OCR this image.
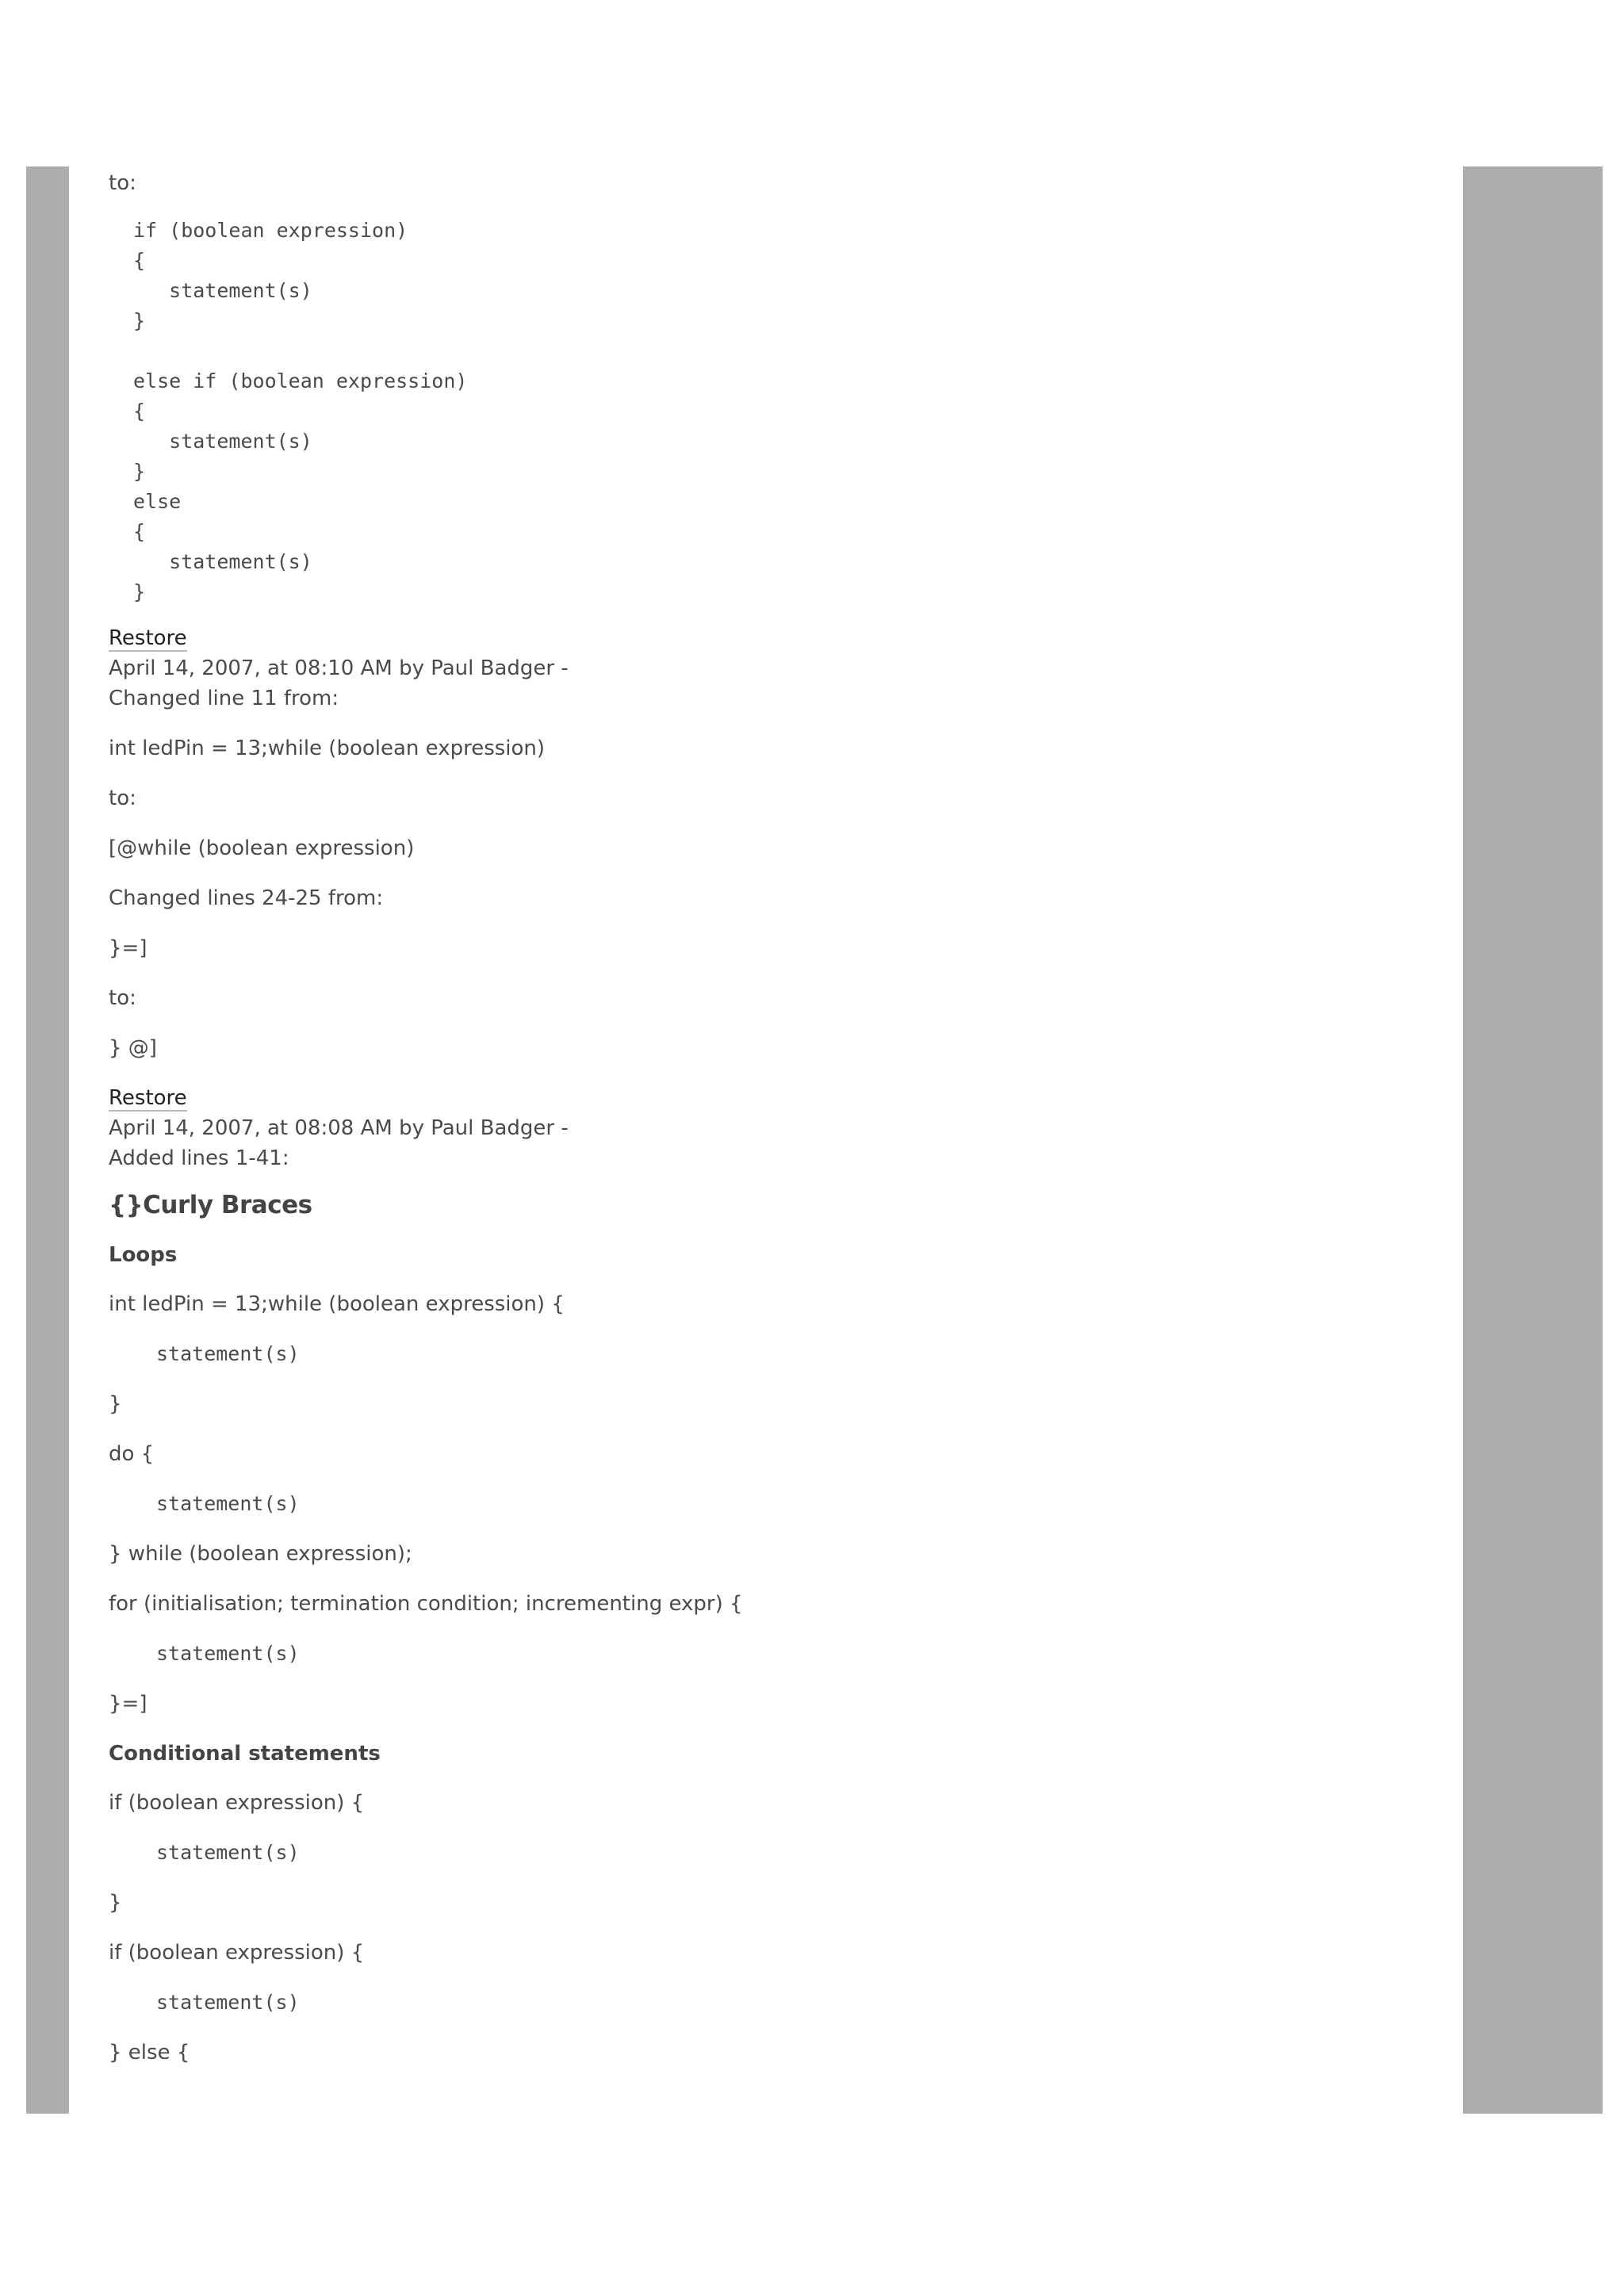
to:

if (boolean expression)
{
statement(s)
}

else if (boolean expression)
{
statement(s)
}
else
{
statement(s)
}

Restore

April 14, 2007, at 08:10 AM by Paul Badger -

Changed line 11 from:

int ledPin = 13;while (boolean expression)

to:

[@while (boolean expression)

Changed lines 24-25 from:

}=]

to:

} @]

Restore

April 14, 2007, at 08:08 AM by Paul Badger -

Added lines 1-41:

{}Curly Braces
Loops

int ledPin = 13;while (boolean expression) {

statement(s)

}

do {

statement(s)

} while (boolean expression);

for (initialisation; termination condition; incrementing expr) {

statement(s)

}=]

Conditional statements

if (boolean expression) {

statement(s)

}

if (boolean expression) {

statement(s)

} else {
